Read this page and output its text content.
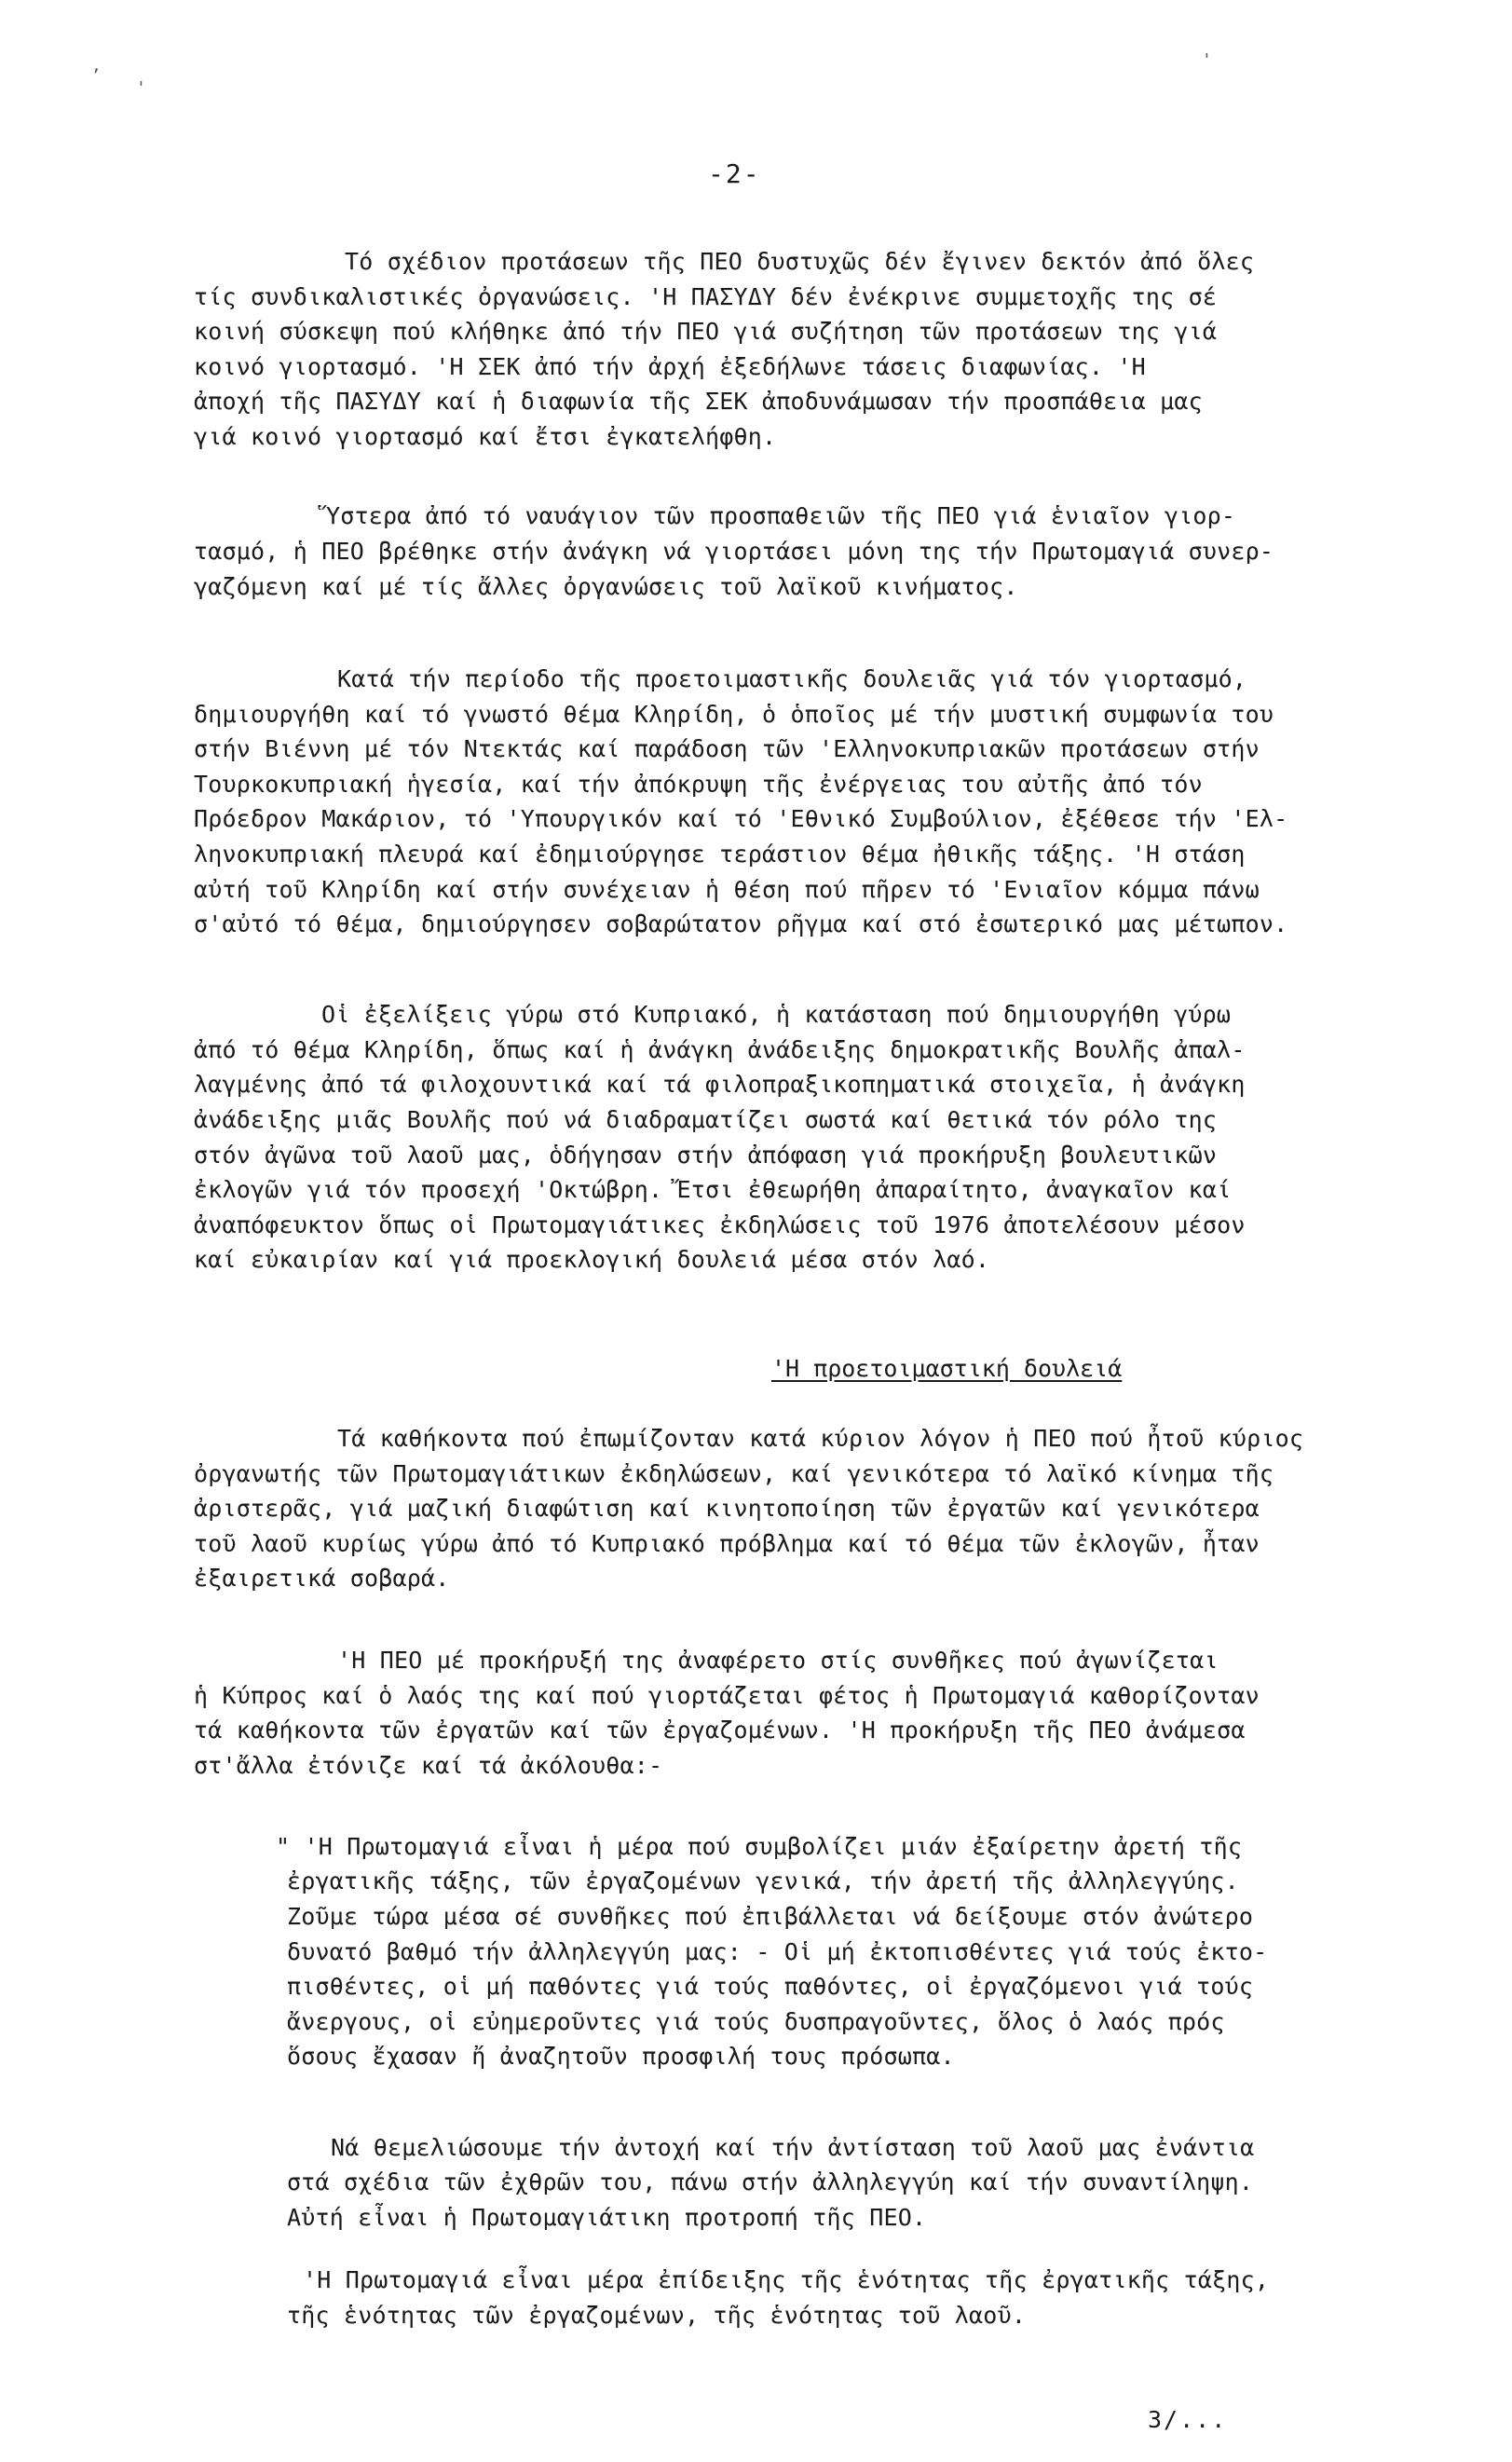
-2-
Τό σχέδιον προτάσεων τῆς ΠΕΟ δυστυχῶς δέν ἔγινεν δεκτόν ἀπό ὅλες
τίς συνδικαλιστικές ὀργανώσεις. 'Η ΠΑΣΥΔΥ δέν ἐνέκρινε συμμετοχῆς της σέ
κοινή σύσκεψη πού κλήθηκε ἀπό τήν ΠΕΟ γιά συζήτηση τῶν προτάσεων της γιά
κοινό γιορτασμό. 'Η ΣΕΚ ἀπό τήν ἀρχή ἐξεδήλωνε τάσεις διαφωνίας. 'Η
ἀποχή τῆς ΠΑΣΥΔΥ καί ἡ διαφωνία τῆς ΣΕΚ ἀποδυνάμωσαν τήν προσπάθεια μας
γιά κοινό γιορτασμό καί ἔτσι ἐγκατελήφθη.
Ὕστερα ἀπό τό ναυάγιον τῶν προσπαθειῶν τῆς ΠΕΟ γιά ἑνιαῖον γιορ-
τασμό, ἡ ΠΕΟ βρέθηκε στήν ἀνάγκη νά γιορτάσει μόνη της τήν Πρωτομαγιά συνερ-
γαζόμενη καί μέ τίς ἄλλες ὀργανώσεις τοῦ λαϊκοῦ κινήματος.
Κατά τήν περίοδο τῆς προετοιμαστικῆς δουλειᾶς γιά τόν γιορτασμό,
δημιουργήθη καί τό γνωστό θέμα Κληρίδη, ὁ ὁποῖος μέ τήν μυστική συμφωνία του
στήν Βιέννη μέ τόν Ντεκτάς καί παράδοση τῶν 'Ελληνοκυπριακῶν προτάσεων στήν
Τουρκοκυπριακή ἡγεσία, καί τήν ἀπόκρυψη τῆς ἐνέργειας του αὐτῆς ἀπό τόν
Πρόεδρον Μακάριον, τό 'Υπουργικόν καί τό 'Εθνικό Συμβούλιον, ἐξέθεσε τήν 'Ελ-
ληνοκυπριακή πλευρά καί ἐδημιούργησε τεράστιον θέμα ἠθικῆς τάξης. 'Η στάση
αὐτή τοῦ Κληρίδη καί στήν συνέχειαν ἡ θέση πού πῆρεν τό 'Ενιαῖον κόμμα πάνω
σ'αὐτό τό θέμα, δημιούργησεν σοβαρώτατον ρῆγμα καί στό ἐσωτερικό μας μέτωπον.
Οἱ ἐξελίξεις γύρω στό Κυπριακό, ἡ κατάσταση πού δημιουργήθη γύρω
ἀπό τό θέμα Κληρίδη, ὅπως καί ἡ ἀνάγκη ἀνάδειξης δημοκρατικῆς Βουλῆς ἀπαλ-
λαγμένης ἀπό τά φιλοχουντικά καί τά φιλοπραξικοπηματικά στοιχεῖα, ἡ ἀνάγκη
ἀνάδειξης μιᾶς Βουλῆς πού νά διαδραματίζει σωστά καί θετικά τόν ρόλο της
στόν ἀγῶνα τοῦ λαοῦ μας, ὁδήγησαν στήν ἀπόφαση γιά προκήρυξη βουλευτικῶν
ἐκλογῶν γιά τόν προσεχή 'Οκτώβρη. Ἔτσι ἐθεωρήθη ἀπαραίτητο, ἀναγκαῖον καί
ἀναπόφευκτον ὅπως οἱ Πρωτομαγιάτικες ἐκδηλώσεις τοῦ 1976 ἀποτελέσουν μέσον
καί εὐκαιρίαν καί γιά προεκλογική δουλειά μέσα στόν λαό.
'Η προετοιμαστική δουλειά
Τά καθήκοντα πού ἐπωμίζονταν κατά κύριον λόγον ἡ ΠΕΟ πού ἦτοῦ κύριος
ὀργανωτής τῶν Πρωτομαγιάτικων ἐκδηλώσεων, καί γενικότερα τό λαϊκό κίνημα τῆς
ἀριστερᾶς, γιά μαζική διαφώτιση καί κινητοποίηση τῶν ἐργατῶν καί γενικότερα
τοῦ λαοῦ κυρίως γύρω ἀπό τό Κυπριακό πρόβλημα καί τό θέμα τῶν ἐκλογῶν, ἦταν
ἐξαιρετικά σοβαρά.
'Η ΠΕΟ μέ προκήρυξή της ἀναφέρετο στίς συνθῆκες πού ἀγωνίζεται
ἡ Κύπρος καί ὁ λαός της καί πού γιορτάζεται φέτος ἡ Πρωτομαγιά καθορίζονταν
τά καθήκοντα τῶν ἐργατῶν καί τῶν ἐργαζομένων. 'Η προκήρυξη τῆς ΠΕΟ ἀνάμεσα
στ'ἄλλα ἐτόνιζε καί τά ἀκόλουθα:-
" 'Η Πρωτομαγιά εἶναι ἡ μέρα πού συμβολίζει μιάν ἐξαίρετην ἀρετή τῆς
ἐργατικῆς τάξης, τῶν ἐργαζομένων γενικά, τήν ἀρετή τῆς ἀλληλεγγύης.
Ζοῦμε τώρα μέσα σέ συνθῆκες πού ἐπιβάλλεται νά δείξουμε στόν ἀνώτερο
δυνατό βαθμό τήν ἀλληλεγγύη μας: - Οἱ μή ἐκτοπισθέντες γιά τούς ἐκτο-
πισθέντες, οἱ μή παθόντες γιά τούς παθόντες, οἱ ἐργαζόμενοι γιά τούς
ἄνεργους, οἱ εὐημεροῦντες γιά τούς δυσπραγοῦντες, ὅλος ὁ λαός πρός
ὅσους ἔχασαν ἤ ἀναζητοῦν προσφιλή τους πρόσωπα.
Νά θεμελιώσουμε τήν ἀντοχή καί τήν ἀντίσταση τοῦ λαοῦ μας ἐνάντια
στά σχέδια τῶν ἐχθρῶν του, πάνω στήν ἀλληλεγγύη καί τήν συναντίληψη.
Αὐτή εἶναι ἡ Πρωτομαγιάτικη προτροπή τῆς ΠΕΟ.
'Η Πρωτομαγιά εἶναι μέρα ἐπίδειξης τῆς ἑνότητας τῆς ἐργατικῆς τάξης,
τῆς ἑνότητας τῶν ἐργαζομένων, τῆς ἑνότητας τοῦ λαοῦ.
3/...
,
'
'
